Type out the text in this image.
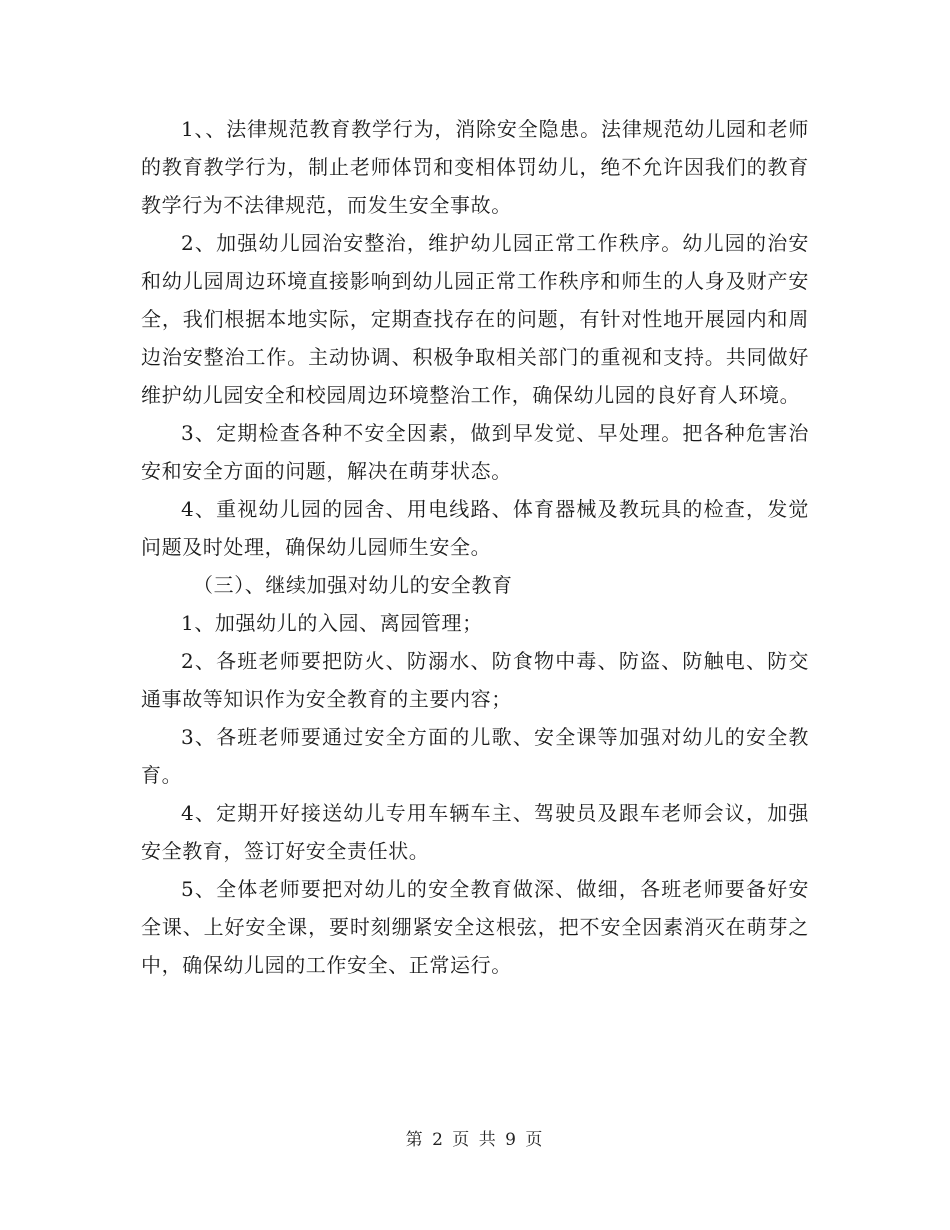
1、、法律规范教育教学行为，消除安全隐患。法律规范幼儿园和老师的教育教学行为，制止老师体罚和变相体罚幼儿，绝不允许因我们的教育教学行为不法律规范，而发生安全事故。

2、加强幼儿园治安整治，维护幼儿园正常工作秩序。幼儿园的治安和幼儿园周边环境直接影响到幼儿园正常工作秩序和师生的人身及财产安全，我们根据本地实际，定期查找存在的问题，有针对性地开展园内和周边治安整治工作。主动协调、积极争取相关部门的重视和支持。共同做好维护幼儿园安全和校园周边环境整治工作，确保幼儿园的良好育人环境。

3、定期检查各种不安全因素，做到早发觉、早处理。把各种危害治安和安全方面的问题，解决在萌芽状态。

4、重视幼儿园的园舍、用电线路、体育器械及教玩具的检查，发觉问题及时处理，确保幼儿园师生安全。

（三）、继续加强对幼儿的安全教育

1、加强幼儿的入园、离园管理；

2、各班老师要把防火、防溺水、防食物中毒、防盗、防触电、防交通事故等知识作为安全教育的主要内容；

3、各班老师要通过安全方面的儿歌、安全课等加强对幼儿的安全教育。

4、定期开好接送幼儿专用车辆车主、驾驶员及跟车老师会议，加强安全教育，签订好安全责任状。

5、全体老师要把对幼儿的安全教育做深、做细，各班老师要备好安全课、上好安全课，要时刻绷紧安全这根弦，把不安全因素消灭在萌芽之中，确保幼儿园的工作安全、正常运行。

第 2 页 共 9 页
